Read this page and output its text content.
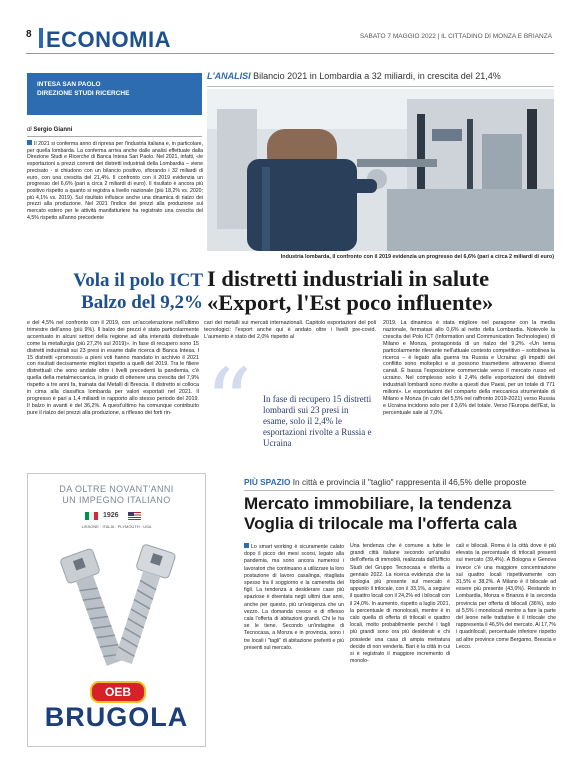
8 ECONOMIA	SABATO 7 MAGGIO 2022 | IL CITTADINO DI MONZA E BRIANZA
INTESA SAN PAOLO
DIREZIONE STUDI RICERCHE
di Sergio Gianni

Il 2021 si conferma anno di ripresa per l'industria italiana e, in particolare, per quella lombarda. La conferma arriva anche dalle analisi effettuate dalla Direzione Studi e Ricerche di Banca Intesa San Paolo. Nel 2021, infatti, «le esportazioni a prezzi correnti dei distretti industriali della Lombardia – viene precisato - si chiudono con un bilancio positivo, sfiorando i 32 miliardi di euro, con una crescita del 21,4%. Il confronto con il 2019 evidenzia un progresso del 6,6% (pari a circa 2 miliardi di euro). Il risultato è ancora più positivo rispetto a quanto si registra a livello nazionale (più 18,2% vs. 2020; più 4,1% vs. 2019). Sul risultato influisce anche una dinamica di rialzo dei prezzi alla produzione. Nel 2021 l'indice dei prezzi alla produzione sul mercato estero per le attività manifatturiere ha registrato una crescita del 4,5% rispetto all'anno precedente

Vola il polo ICT
Balzo del 9,2%
L'ANALISI Bilancio 2021 in Lombardia a 32 miliardi, in crescita del 21,4%
Industria lombarda, il confronto con il 2019 evidenzia un progresso del 6,6% (pari a circa 2 miliardi di euro)
I distretti industriali in salute
«Export, l'Est poco influente»

e del 4,5% nel confronto con il 2019, con un'accelerazione nell'ultimo trimestre dell'anno (più 9%). Il balzo dei prezzi è stato particolarmente accentuato in alcuni settori della regione ad alta intensità distrettuale come la metallurgia (più 27,2% sul 2019)». In fase di recupero sono 15 distretti industriali sui 23 presi in esame dalle ricerca di Banca Intesa. I 15 distretti «promossi» a pieni voti hanno mandato in archivio il 2021 con risultati decisamente migliori rispetto a quelli del 2019. Tra le filiere distrettuali che sono andate oltre i livelli precedenti la pandemia, c'è quella della metalmeccanica, in grado di ottenere una crescita del 7,9% rispetto a tre anni fa, trainata dai Metalli di Brescia. Il distretto si colloca in cima alla classifica lombarda per valori esportati nel 2021. Il progresso è pari a 1,4 miliardi in rapporto allo stesso periodo del 2019. Il balzo in avanti è del 36,2%. A quest'ultimo ha comunque contribuito pure il rialzo dei prezzi alla produzione, a riflesso dei forti rin-

cari dei metalli sui mercati internazionali. Capitolo esportazioni del poli tecnologici: l'export anche qui è andato oltre i livelli pre-covid. L'aumento è stato del 2,0% rispetto al

2019. La dinamica è stata migliore nel paragone con la media nazionale, fermatasi allo 0,6% al netto della Lombardia. Notevole la crescita del Polo ICT (Information and Communication Technologies) di Milano e Monza, protagonista di un rialzo del 9,2%. «Un tema particolarmente rilevante nell'attuale contesto competitivo – sottolinea la ricerca – è legato alla guerra tra Russia e Ucraina: gli impatti del conflitto sono molteplici e si possono trasmettere attraverso diversi canali. È bassa l'esposizione commerciale verso il mercato russo ed ucraino. Nel complesso solo il 2,4% delle esportazioni dei distretti industriali lombardi sono rivolte a questi due Paesi, per un totale di 771 milioni». Le esportazioni del comparto della meccanica strumentale di Milano e Monza (in calo del 5,5% nel raffronto 2019-2021) verso Russia e Ucraina incidono solo per il 3,6% del totale. Verso l'Europa dell'Est, la percentuale sale al 7,0%.

“ In fase di recupero 15 distretti lombardi sui 23 presi in esame, solo il 2,4% le esportazioni rivolte a Russia e Ucraina

DA OLTRE NOVANT'ANNI
UN IMPEGNO ITALIANO
1926
LISSONE · ITALIA · PLYMOUTH · USA
OEB
BRUGOLA
PIÙ SPAZIO In città e provincia il "taglio" rappresenta il 46,5% delle proposte
Mercato immobiliare, la tendenza
Voglia di trilocale ma l'offerta cala

Lo smart working è sicuramente calato dopo il picco dei mesi scorsi, legato alla pandemia, ma sono ancora numerosi i lavoratori che continuano a utilizzare la loro postazione di lavoro casalinga, ritagliata spesso tra il soggiorno e la cameretta dei figli. La tendenza a desiderare case più spaziose è diventata negli ultimi due anni, anche per questo, più un'esigenza che un vezzo. La domanda cresce e di riflesso cala l'offerta di abitazioni grandi. Chi le ha se le tiene. Secondo un'indagine di Tecnocasa, a Monza e in provincia, sono i tre locali i "tagli" di abitazione preferiti e più presenti sul mercato.

Una tendenza che è comune a tutte le grandi città italiane secondo un'analisi dell'offerta di immobili, realizzata dall'Ufficio Studi del Gruppo Tecnocasa e riferita a gennaio 2022. La ricerca evidenzia che la tipologia più presente sul mercato è appunto il trilocale, con il 33,1%, a seguire il quattro locali con il 24,2% ed i bilocali con il 24,0%. In aumento, rispetto a luglio 2021, la percentuale di monolocali, mentre è in calo quella di offerta di trilocali e quattro locali, molto probabilmente perché i tagli più grandi sono ora più desiderati e chi possiede una casa di ampia metratura decide di non venderla. Bari è la città in cui si è registrato il maggiore incremento di monolo-

cali e bilocali. Roma è la città dove è più elevata la percentuale di trilocali presenti sul mercato (39,4%). A Bologna e Genova invece c'è una maggiore concentrazione sul quattro locali rispettivamente con 31,5% e 38,2%. A Milano è il bilocale ad essere più presente (43,0%). Restando in Lombardia, Monza e Brianza è la seconda provincia per offerta di bilocali (36%), solo al 5,5% i monolocali mentre a fare la parte del leone nelle trattative è il trilocale che rappresenta il 46,5% del mercato. Al 17,7% i quadrilocali, percentuale inferiore rispetto ad altre province come Bergamo, Brescia e Lecco.
